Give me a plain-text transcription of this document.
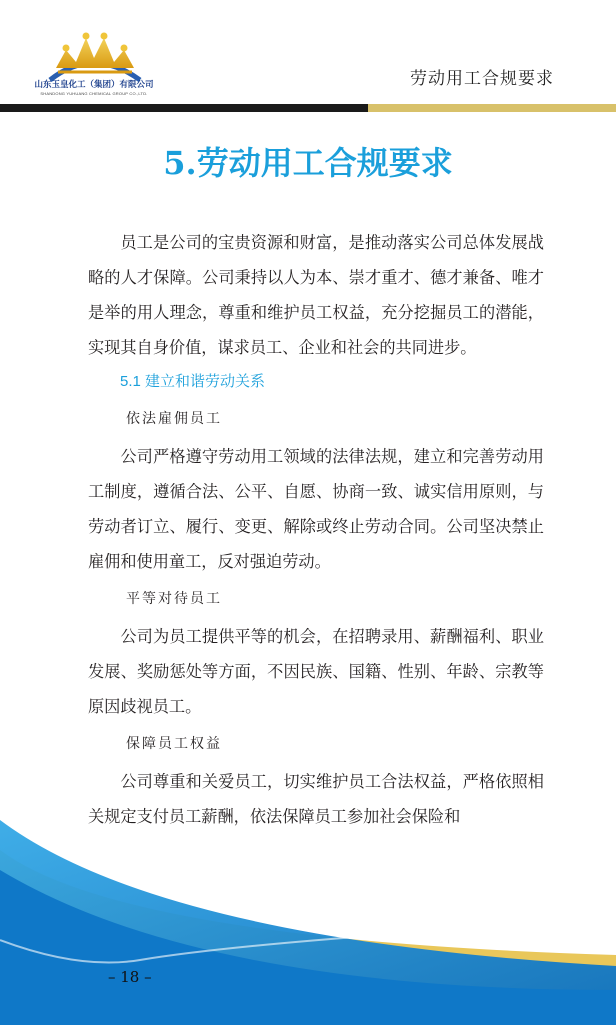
山东玉皇化工（集团）有限公司
SHANDONG YUHUANG CHEMICAL GROUP CO.,LTD.
劳动用工合规要求
5.劳动用工合规要求

员工是公司的宝贵资源和财富，是推动落实公司总体发展战略的人才保障。公司秉持以人为本、崇才重才、德才兼备、唯才是举的用人理念，尊重和维护员工权益，充分挖掘员工的潜能，实现其自身价值，谋求员工、企业和社会的共同进步。

5.1 建立和谐劳动关系

依法雇佣员工

公司严格遵守劳动用工领域的法律法规，建立和完善劳动用工制度，遵循合法、公平、自愿、协商一致、诚实信用原则，与劳动者订立、履行、变更、解除或终止劳动合同。公司坚决禁止雇佣和使用童工，反对强迫劳动。

平等对待员工

公司为员工提供平等的机会，在招聘录用、薪酬福利、职业发展、奖励惩处等方面，不因民族、国籍、性别、年龄、宗教等原因歧视员工。

保障员工权益

公司尊重和关爱员工，切实维护员工合法权益，严格依照相关规定支付员工薪酬，依法保障员工参加社会保险和

– 18 –
